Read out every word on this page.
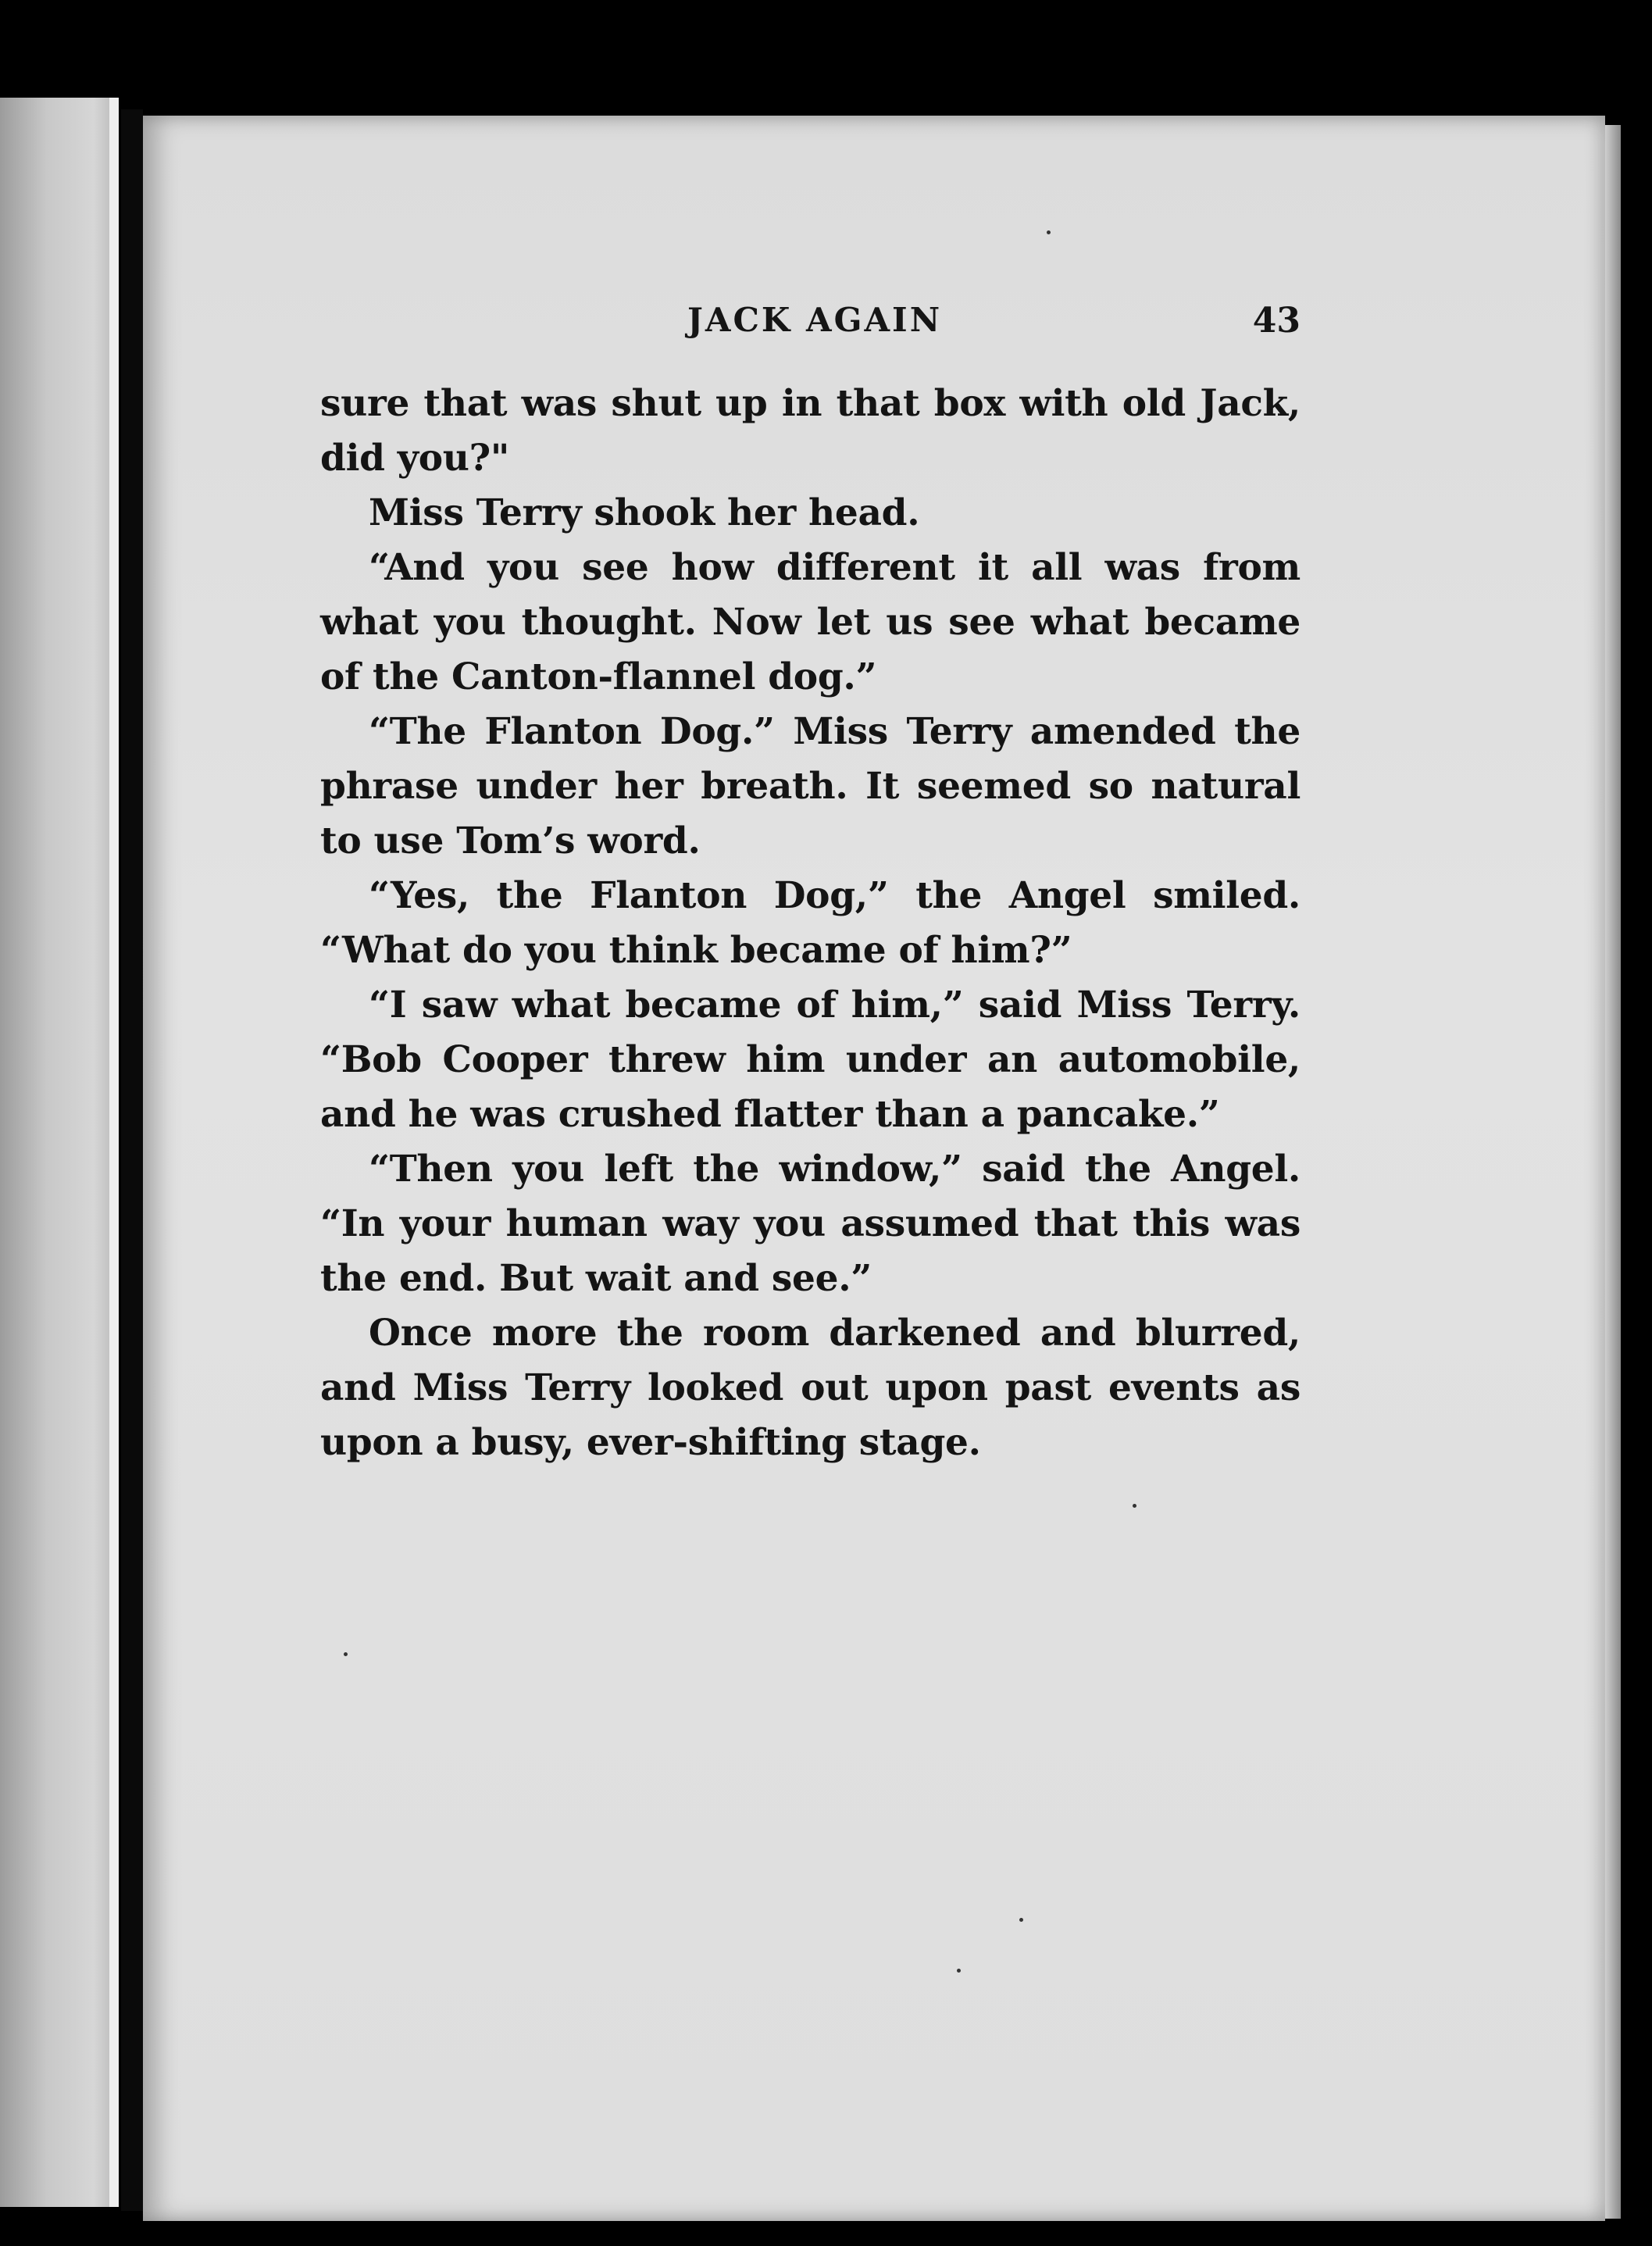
JACK AGAIN	43

sure that was shut up in that box with old Jack, did you?"

Miss Terry shook her head.

“And you see how different it all was from what you thought. Now let us see what became of the Canton-flannel dog.”

“The Flanton Dog.” Miss Terry amended the phrase under her breath. It seemed so natural to use Tom’s word.

“Yes, the Flanton Dog,” the Angel smiled. “What do you think became of him?”

“I saw what became of him,” said Miss Terry. “Bob Cooper threw him under an automobile, and he was crushed flatter than a pancake.”

“Then you left the window,” said the Angel. “In your human way you assumed that this was the end. But wait and see.”

Once more the room darkened and blurred, and Miss Terry looked out upon past events as upon a busy, ever-shifting stage.
